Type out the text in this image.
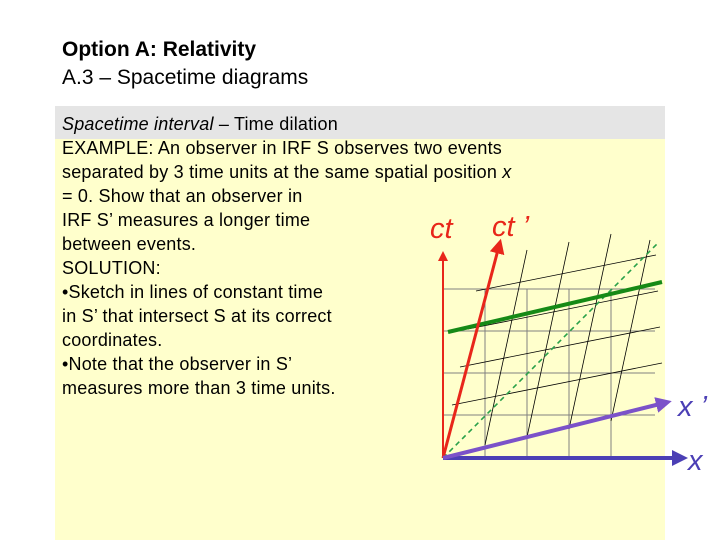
Option A: Relativity
A.3 – Spacetime diagrams
Spacetime interval – Time dilation
EXAMPLE: An observer in IRF S observes two events
separated by 3 time units at the same spatial position x
= 0. Show that an observer in
IRF S’ measures a longer time
between events.
SOLUTION:
•Sketch in lines of constant time
in S’ that intersect S at its correct
coordinates.
•Note that the observer in S’
measures more than 3 time units.
ct ct ’
x ’
x
